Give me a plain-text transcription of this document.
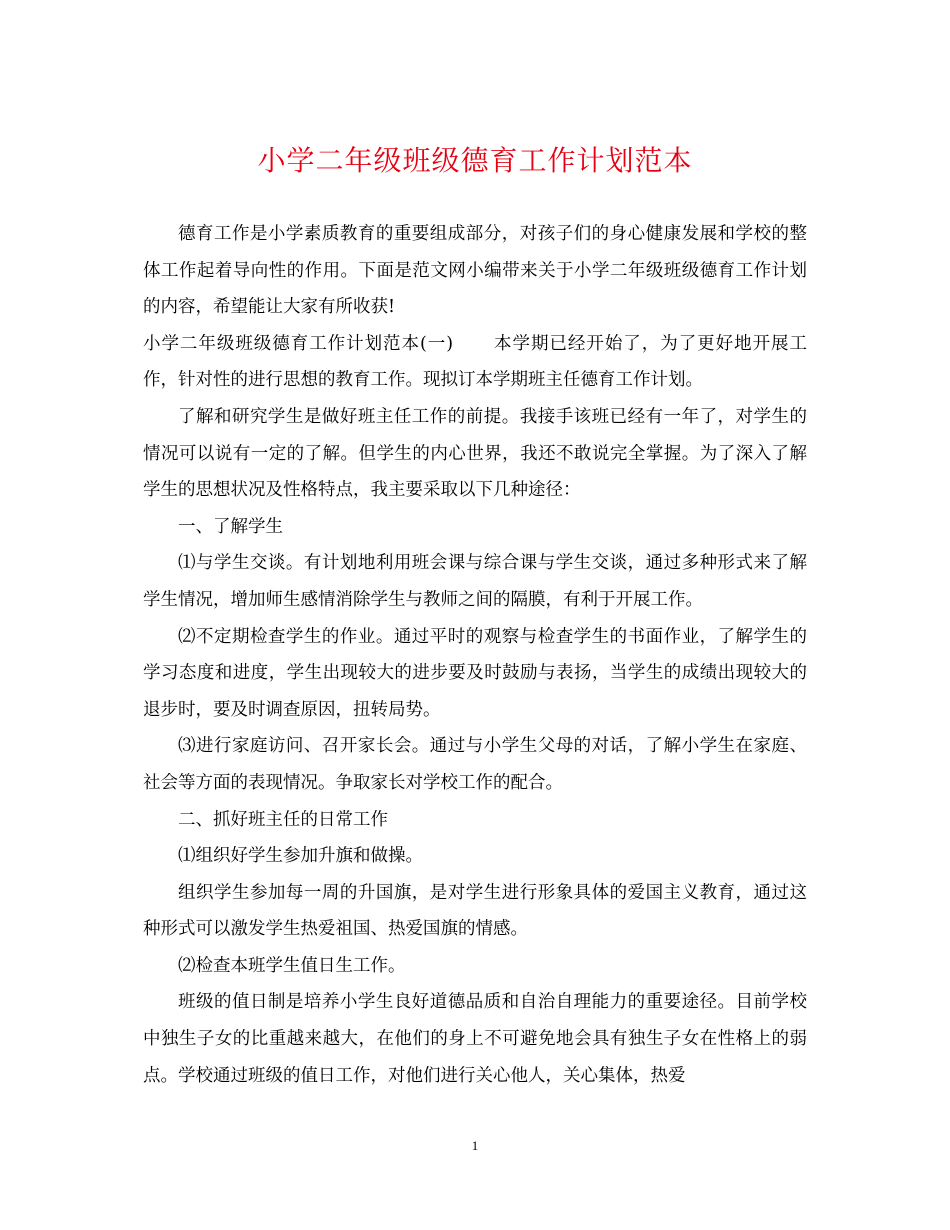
小学二年级班级德育工作计划范本

德育工作是小学素质教育的重要组成部分，对孩子们的身心健康发展和学校的整体工作起着导向性的作用。下面是范文网小编带来关于小学二年级班级德育工作计划的内容，希望能让大家有所收获!

小学二年级班级德育工作计划范本(一) 本学期已经开始了，为了更好地开展工作，针对性的进行思想的教育工作。现拟订本学期班主任德育工作计划。

了解和研究学生是做好班主任工作的前提。我接手该班已经有一年了，对学生的情况可以说有一定的了解。但学生的内心世界，我还不敢说完全掌握。为了深入了解学生的思想状况及性格特点，我主要采取以下几种途径：

一、了解学生

⑴与学生交谈。有计划地利用班会课与综合课与学生交谈，通过多种形式来了解学生情况，增加师生感情消除学生与教师之间的隔膜，有利于开展工作。

⑵不定期检查学生的作业。通过平时的观察与检查学生的书面作业，了解学生的学习态度和进度，学生出现较大的进步要及时鼓励与表扬，当学生的成绩出现较大的退步时，要及时调查原因，扭转局势。

⑶进行家庭访问、召开家长会。通过与小学生父母的对话，了解小学生在家庭、社会等方面的表现情况。争取家长对学校工作的配合。

二、抓好班主任的日常工作

⑴组织好学生参加升旗和做操。

组织学生参加每一周的升国旗，是对学生进行形象具体的爱国主义教育，通过这种形式可以激发学生热爱祖国、热爱国旗的情感。

⑵检查本班学生值日生工作。

班级的值日制是培养小学生良好道德品质和自治自理能力的重要途径。目前学校中独生子女的比重越来越大，在他们的身上不可避免地会具有独生子女在性格上的弱点。学校通过班级的值日工作，对他们进行关心他人，关心集体，热爱

1
